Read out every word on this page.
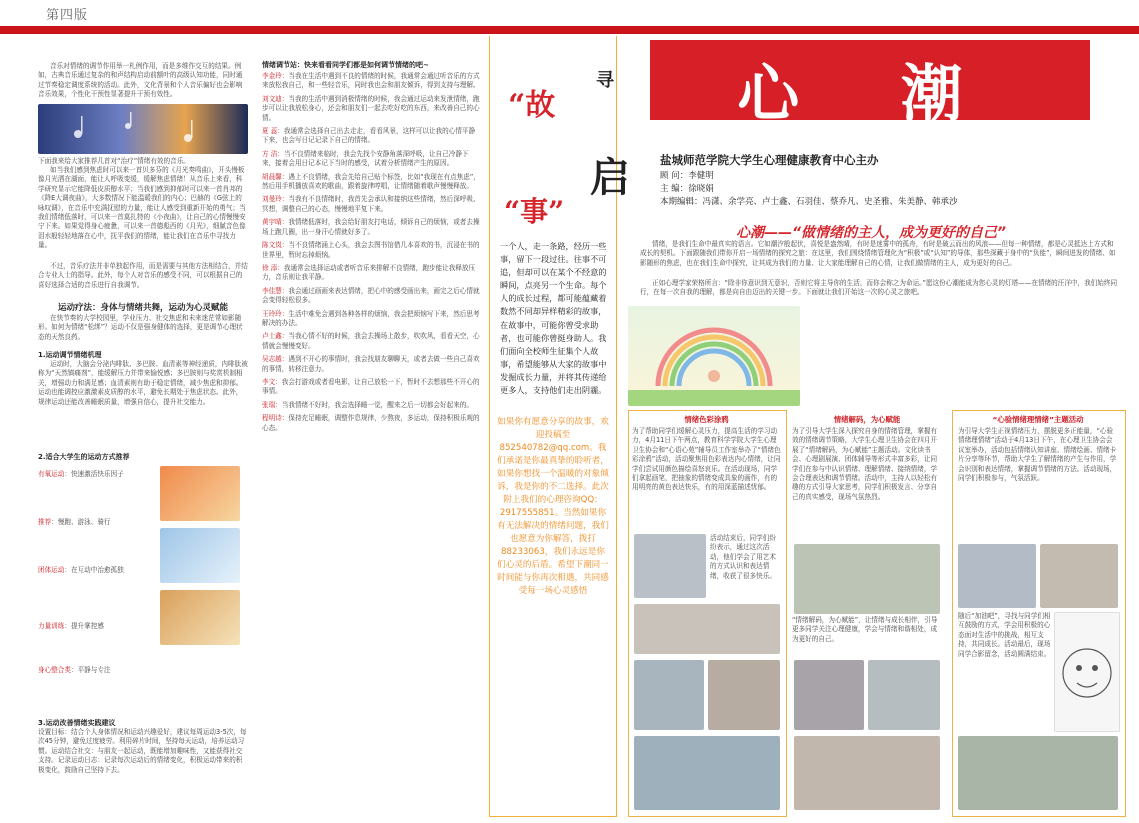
第四版
音乐对情绪的调节作用举一札例作用，而是多维作交互的结果。例如，古典音乐通过复杂的和声结构启动前额叶的高级认知功能，同时通过节奏稳定调度系统的活动。此外，文化背景和个人音乐偏好也会影响音乐效果，个性化干预性显著提升干预有效性。
下面我来给大家推荐几首对“治疗”情绪有效的音乐。
如当我们感到焦虑时可以来一首贝多芬的《月光奏鸣曲》，开头慢板像月光洒在湖面，能让人呼吸变缓，缓解焦虑情绪！从音乐上来看，科学研究显示它能降低皮质醇水平；当我们感到抑郁时可以来一首肖邦的《降E大调夜曲》，大多数情况下能温暖我们的内心；巴赫的《G弦上的咏叹调》，在音乐中充满抚慰的力量，能让人感受到重新开始的勇气；当我们情绪低落时，可以来一首莫扎特的《小夜曲》，让自己的心情慢慢安宁下来。如果觉得身心疲惫，可以来一首德彪西的《月光》，细腻音色像泪水般轻轻地落在心中，抚平我们的情绪，能让我们在音乐中寻找力量。
不过，音乐疗法并非单独起作用，而是需要与其他方法相结合，并结合专业人士的指导。此外，每个人对音乐的感受不同，可以根据自己的喜好选择合适的音乐进行自我调节。
运动疗法：身体与情绪共舞，运动为心灵赋能
在快节奏的大学校园里，学业压力、社交焦虑和未来迷茫常如影随形。如何为情绪“松绑”？运动不仅是强身健体的选择，更是调节心理状态的天然良药。
1.运动调节情绪机理
运动时，大脑会分泌内啡肽、多巴胺、血清素等神经递质，内啡肽被称为“天然镇痛剂”，能缓解压力并带来愉悦感；多巴胺则与奖赏机制相关，增强动力和满足感；血清素则有助于稳定情绪，减少焦虑和抑郁。运动也能调控应激激素皮质醇的水平，避免长期处于焦虑状态。此外，规律运动还能改善睡眠质量，增强自信心，提升社交能力。
2.适合大学生的运动方式推荐
有氧运动：快速激活快乐因子
推荐：慢跑、游泳、骑行
团体运动：在互动中治愈孤独
力量训练：提升掌控感
身心整合类：平静与专注
3.运动改善情绪实践建议
设置目标：结合个人身体情况和运动兴趣爱好，建议每周运动3-5次，每次45分钟，避免过度疲劳。利用碎片时间，坚持每天运动，培养运动习惯。运动结合社交：与朋友一起运动，既能增加趣味性，又能获得社交支持。记录运动日志：记录每次运动后的情绪变化，积极运动带来的积极变化，鼓励自己坚持下去。
情绪调节站：快来看看同学们都是如何调节情绪的吧~
李金玲：当我在生活中遇到不良的情绪的时候，我通常会通过听音乐的方式来放松我自己，和一些轻音乐，同时我也会和朋友倾诉，得到支持与理解。
刘文迪：当我的生活中遇到消极情绪的时候，我会通过运动来发泄情绪，跑步可以让我放松身心，还会和朋友们一起去吃好吃的东西，来改善自己的心情。
夏 蕊：我通常会选择自己出去走走，看看风景，这样可以让我的心情平静下来，也会写日记记录下自己的情绪。
方 洁：当不良情绪来临时，我会先找个安静角落深呼吸，让自己冷静下来，接着会用日记本记下当时的感受，试着分析情绪产生的原因。
胡晨馨：遇上不良情绪，我会先给自己贴个标签，比如“我现在有点焦虑”，然后用手机播放喜欢的歌曲，跟着旋律哼唱，让情绪随着歌声慢慢释放。
刘曼玲：当我有不良情绪时，我首先会承认和接纳这些情绪，然后深呼吸、冥想，调整自己的心态，慢慢地平复下来。
黄宇晴：我情绪低落时，我会给好朋友打电话，倾诉自己的烦恼，或者去操场上跑几圈，出一身汗心情就好多了。
陈文岚：当不良情绪涌上心头，我会去图书馆借几本喜欢的书，沉浸在书的世界里，暂时忘掉烦恼。
徐 添：我通常会选择运动或者听音乐来排解不良情绪，跑步能让我释放压力，音乐则让我平静。
李佳慧：我会通过画画来表达情绪，把心中的感受画出来，画完之后心情就会变得轻松很多。
王玲玲：生活中难免会遇到各种各样的烦恼，我会把烦恼写下来，然后思考解决的办法。
卢士鑫：当我心情不好的时候，我会去操场上散步，吹吹风，看看天空，心情就会慢慢变好。
吴志越：遇到不开心的事情时，我会找朋友聊聊天，或者去做一些自己喜欢的事情，转移注意力。
李文：我会打游戏或者看电影，让自己放松一下，暂时不去想那些不开心的事情。
张瑞：当我情绪不好时，我会选择睡一觉，醒来之后一切都会好起来的。
程明诗：保持充足睡眠，调整作息规律，少熬夜，多运动，保持积极乐观的心态。
“故
寻
启
“事”
一个人，走一条路，经历一些事，留下一段过往。往事不可追，但却可以在某个不经意的瞬间，点亮另一个生命。每个人的成长过程，都可能蕴藏着数然不同却异样精彩的故事，在故事中，可能你曾受求助者，也可能你曾挺身助人。我们面向全校师生征集个人故事，希望能够从大家的故事中发掘成长力量，并将其传递给更多人，支持他们走出阴霾。
如果你有愿意分享的故事，欢迎投稿至852540782@qq.com。我们承诺是你最真挚的聆听者，如果你想找一个温暖的对象倾诉，我是你的不二选择。此次附上我们的心理咨询QQ：2917555851。当然如果你有无法解决的情绪问题，我们也愿意为你解答，拨打88233063，我们永远是你们心灵的后盾。希望下潮同一时间能与你再次相遇，共同感受每一场心灵感悟
心 潮
盐城师范学院大学生心理健康教育中心主办
顾 问：李健明
主 编：徐晓娟
本期编辑：冯潇、余学亮、卢士鑫、石羽佳、蔡乔凡、史圣雅、朱美静、韩承沙
心潮——“做情绪的主人，成为更好的自己”
情绪，是我们生命中最真实的语言。它如潮汐般起伏，喜悦是盎然晴，有时是迷雾中的孤舟，有时是破云而出的风浪——但每一种情绪，都是心灵抵达上方式和成长的契机。下面跟随我们带你开启一场情绪的探究之旅：在这里，我们围绕情绪管理化为“积极”或“认知”的导体，那些深藏于身中的“负能”，瞬间迸发的情绪、如影随形的焦虑，也在我们生命中探究，让其成为我们的力量、让大家能理解自己的心情，让我们做情绪的主人，成为更好的自己。
正如心理学家荣格所言：“除非你意识到无意识，否则它将主导你的生活，而你会称之为命运。”愿这份心潮能成为您心灵的灯塔——在情绪的汪洋中，我们始终同行，在每一次自我的理解，都是向自由迈出的关键一步。下面就让我们开始这一次的心灵之旅吧。
情绪色彩涂鸦
为了帮助同学们缓解心灵压力，提高生活的学习动力，4月11日下午两点，教育科学学院大学生心理卫生协会和“心语心苑”辅导员工作室举办了“情绪色彩涂鸦”活动，活动聚焦用色彩表达内心情绪，让同学们尝试用颜色描绘喜怒哀乐。在活动现场，同学们拿起画笔，把抽象的情绪变成具象的画作，有的用明亮的黄色表达快乐，有的用深蓝描述忧郁。
活动结束后，同学们纷纷表示，通过这次活动，他们学会了用艺术的方式认识和表达情绪，收获了很多快乐。
情绪解码，为心赋能
为了引导大学生深入探究自身的情绪管理，掌握有效的情绪调节策略，大学生心理卫生协会在四月开展了“情绪解码，为心赋能”主题活动。文化读书会、心理剧展演、团体辅导等形式丰富多彩，让同学们在参与中认识情绪、理解情绪、接纳情绪，学会合理表达和调节情绪。活动中，主持人以轻松有趣的方式引导大家思考，同学们积极发言、分享自己的真实感受，现场气氛热烈。
“情绪解码，为心赋能”，让情绪与成长相伴，引导更多同学关注心理健康，学会与情绪和谐相处，成为更好的自己。
“心验情绪理情绪”主题活动
为引导大学生正视情绪压力，摆脱更多正能量，“心验情绪理情绪”活动于4月13日下午，在心理卫生协会会议室举办，活动包括情绪认知讲座、情绪绘画、情绪卡片分享等环节，帮助大学生了解情绪的产生与作用，学会识别和表达情绪，掌握调节情绪的方法。活动现场，同学们积极参与，气氛活跃。
随后“加油吧”，寻找与同学们相互鼓励的方式，学会用积极的心态面对生活中的挑战，相互支持，共同成长。活动最后，现场同学合影留念，活动圆满结束。
